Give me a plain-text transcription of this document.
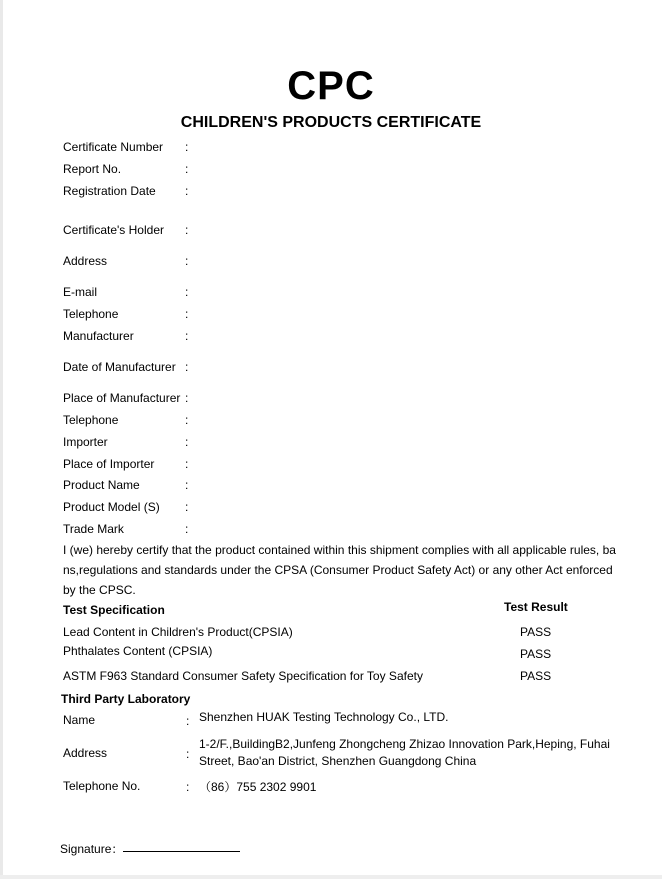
CPC
CHILDREN'S PRODUCTS CERTIFICATE
Certificate Number :
Report No.	:
Registration Date :
Certificate's Holder :
Address	:
E-mail	:
Telephone	:
Manufacturer	:
Date of Manufacturer :
Place of Manufacturer :
Telephone	:
Importer	:
Place of Importer	:
Product Name	:
Product Model (S) :
Trade Mark	:
I (we) hereby certify that the product contained within this shipment complies with all applicable rules, ba
ns,regulations and standards under the CPSA (Consumer Product Safety Act) or any other Act enforced
by the CPSC.
Test Specification	Test Result
Lead Content in Children's Product(CPSIA)	PASS
Phthalates Content (CPSIA)	PASS
ASTM F963 Standard Consumer Safety Specification for Toy Safety	PASS
Third Party Laboratory
Name	: Shenzhen HUAK Testing Technology Co., LTD.
Address	:
1-2/F.,BuildingB2,Junfeng Zhongcheng Zhizao Innovation Park,Heping, Fuhai
Street, Bao'an District, Shenzhen Guangdong China
Telephone No.	: （86）755 2302 9901
Signature：
